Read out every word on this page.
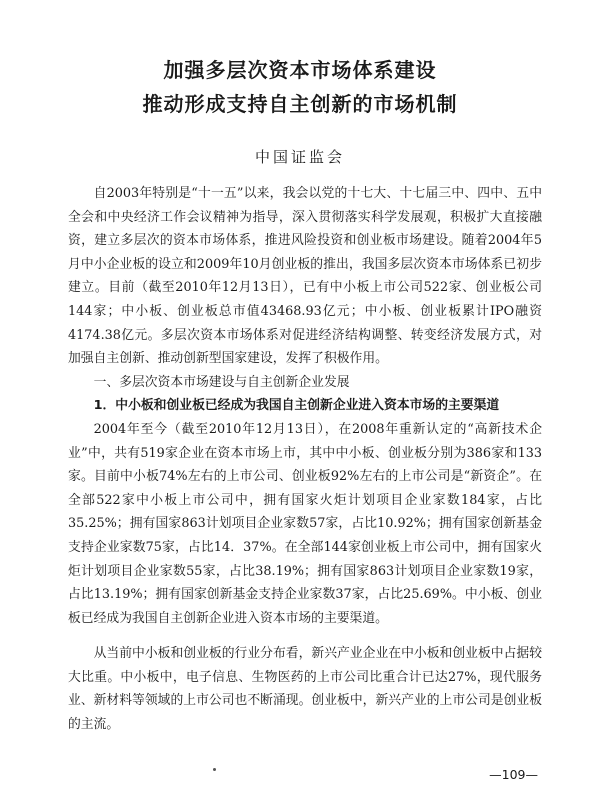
加强多层次资本市场体系建设
推动形成支持自主创新的市场机制
中国证监会

自2003年特别是“十一五”以来，我会以党的十七大、十七届三中、四中、五中全会和中央经济工作会议精神为指导，深入贯彻落实科学发展观，积极扩大直接融资，建立多层次的资本市场体系，推进风险投资和创业板市场建设。随着2004年5月中小企业板的设立和2009年10月创业板的推出，我国多层次资本市场体系已初步建立。目前（截至2010年12月13日），已有中小板上市公司522家、创业板公司144家；中小板、创业板总市值43468.93亿元；中小板、创业板累计IPO融资4174.38亿元。多层次资本市场体系对促进经济结构调整、转变经济发展方式，对加强自主创新、推动创新型国家建设，发挥了积极作用。

一、多层次资本市场建设与自主创新企业发展
1．中小板和创业板已经成为我国自主创新企业进入资本市场的主要渠道

2004年至今（截至2010年12月13日），在2008年重新认定的“高新技术企业”中，共有519家企业在资本市场上市，其中中小板、创业板分别为386家和133家。目前中小板74%左右的上市公司、创业板92%左右的上市公司是“新资企”。在全部522家中小板上市公司中，拥有国家火炬计划项目企业家数184家，占比35.25%；拥有国家863计划项目企业家数57家，占比10.92%；拥有国家创新基金支持企业家数75家，占比14．37%。在全部144家创业板上市公司中，拥有国家火炬计划项目企业家数55家，占比38.19%；拥有国家863计划项目企业家数19家，占比13.19%；拥有国家创新基金支持企业家数37家，占比25.69%。中小板、创业板已经成为我国自主创新企业进入资本市场的主要渠道。

从当前中小板和创业板的行业分布看，新兴产业企业在中小板和创业板中占据较大比重。中小板中，电子信息、生物医药的上市公司比重合计已达27%，现代服务业、新材料等领域的上市公司也不断涌现。创业板中，新兴产业的上市公司是创业板的主流。

—109—
